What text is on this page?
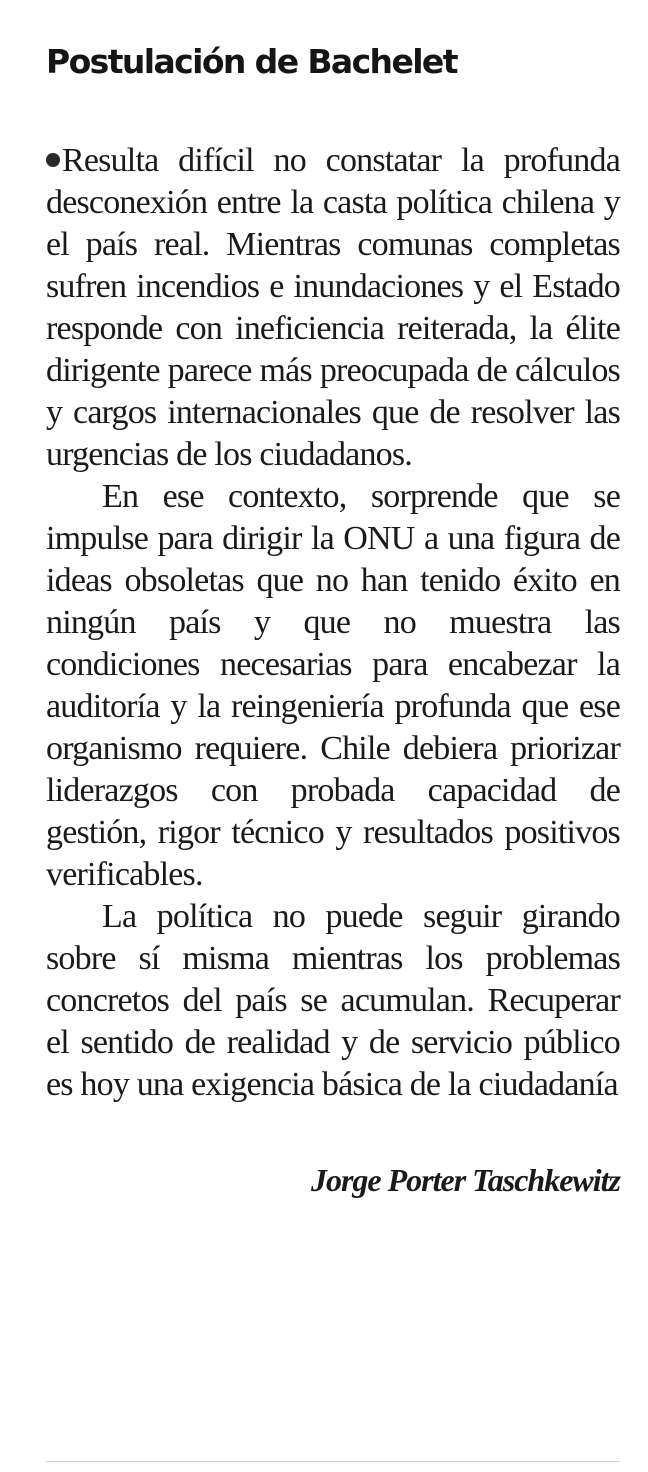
Postulación de Bachelet

Resulta difícil no constatar la profunda desconexión entre la casta política chilena y el país real. Mientras comunas completas sufren incendios e inundaciones y el Estado responde con ineficiencia reiterada, la élite dirigente parece más preocupada de cálculos y cargos internacionales que de resolver las urgencias de los ciudadanos.

En ese contexto, sorprende que se impulse para dirigir la ONU a una figura de ideas obsoletas que no han tenido éxito en ningún país y que no muestra las condiciones necesarias para encabezar la auditoría y la reingeniería profunda que ese organismo requiere. Chile debiera priorizar liderazgos con probada capacidad de gestión, rigor técnico y resultados positivos verificables.

La política no puede seguir girando sobre sí misma mientras los problemas concretos del país se acumulan. Recuperar el sentido de realidad y de servicio público es hoy una exigencia básica de la ciudadanía

Jorge Porter Taschkewitz
